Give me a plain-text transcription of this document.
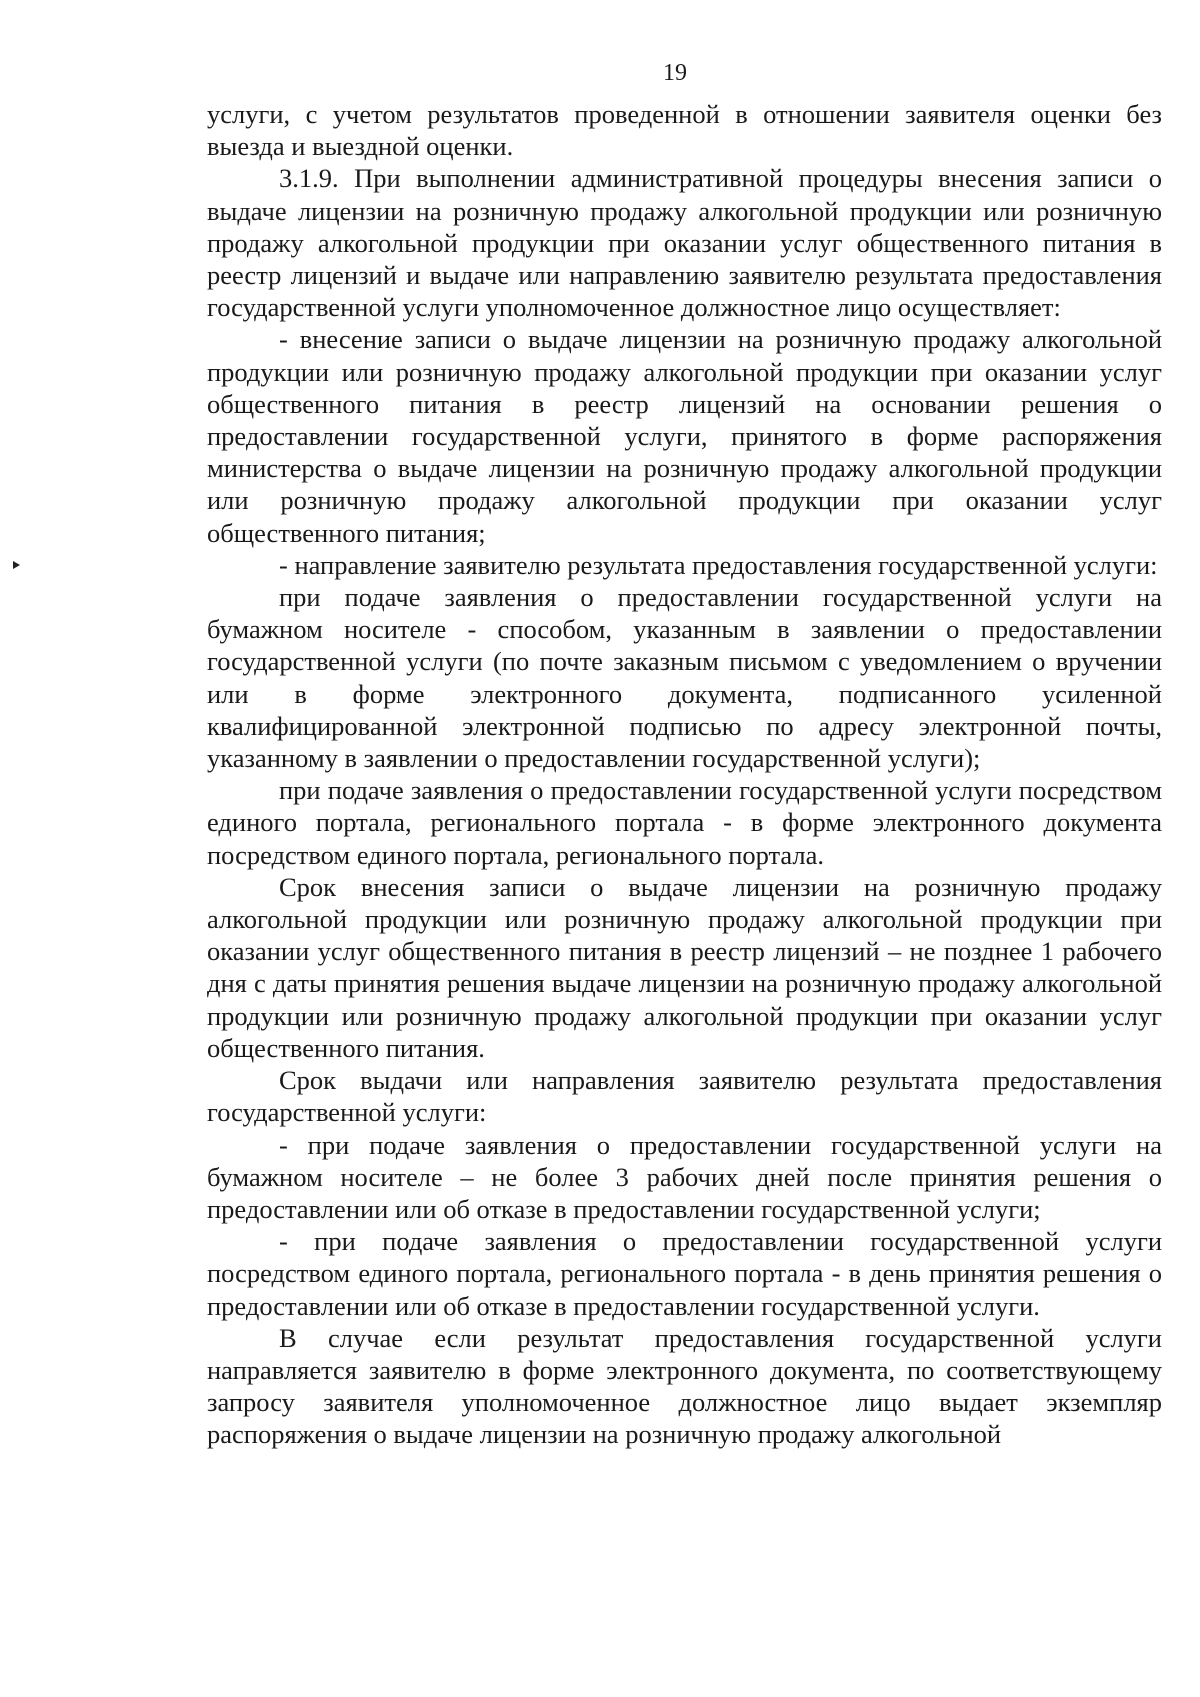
19

услуги, с учетом результатов проведенной в отношении заявителя оценки без выезда и выездной оценки.

3.1.9. При выполнении административной процедуры внесения записи о выдаче лицензии на розничную продажу алкогольной продукции или розничную продажу алкогольной продукции при оказании услуг общественного питания в реестр лицензий и выдаче или направлению заявителю результата предоставления государственной услуги уполномоченное должностное лицо осуществляет:

- внесение записи о выдаче лицензии на розничную продажу алкогольной продукции или розничную продажу алкогольной продукции при оказании услуг общественного питания в реестр лицензий на основании решения о предоставлении государственной услуги, принятого в форме распоряжения министерства о выдаче лицензии на розничную продажу алкогольной продукции или розничную продажу алкогольной продукции при оказании услуг общественного питания;

- направление заявителю результата предоставления государственной услуги:

при подаче заявления о предоставлении государственной услуги на бумажном носителе - способом, указанным в заявлении о предоставлении государственной услуги (по почте заказным письмом с уведомлением о вручении или в форме электронного документа, подписанного усиленной квалифицированной электронной подписью по адресу электронной почты, указанному в заявлении о предоставлении государственной услуги);

при подаче заявления о предоставлении государственной услуги посредством единого портала, регионального портала - в форме электронного документа посредством единого портала, регионального портала.

Срок внесения записи о выдаче лицензии на розничную продажу алкогольной продукции или розничную продажу алкогольной продукции при оказании услуг общественного питания в реестр лицензий – не позднее 1 рабочего дня с даты принятия решения выдаче лицензии на розничную продажу алкогольной продукции или розничную продажу алкогольной продукции при оказании услуг общественного питания.

Срок выдачи или направления заявителю результата предоставления государственной услуги:

- при подаче заявления о предоставлении государственной услуги на бумажном носителе – не более 3 рабочих дней после принятия решения о предоставлении или об отказе в предоставлении государственной услуги;

- при подаче заявления о предоставлении государственной услуги посредством единого портала, регионального портала - в день принятия решения о предоставлении или об отказе в предоставлении государственной услуги.

В случае если результат предоставления государственной услуги направляется заявителю в форме электронного документа, по соответствующему запросу заявителя уполномоченное должностное лицо выдает экземпляр распоряжения о выдаче лицензии на розничную продажу алкогольной
